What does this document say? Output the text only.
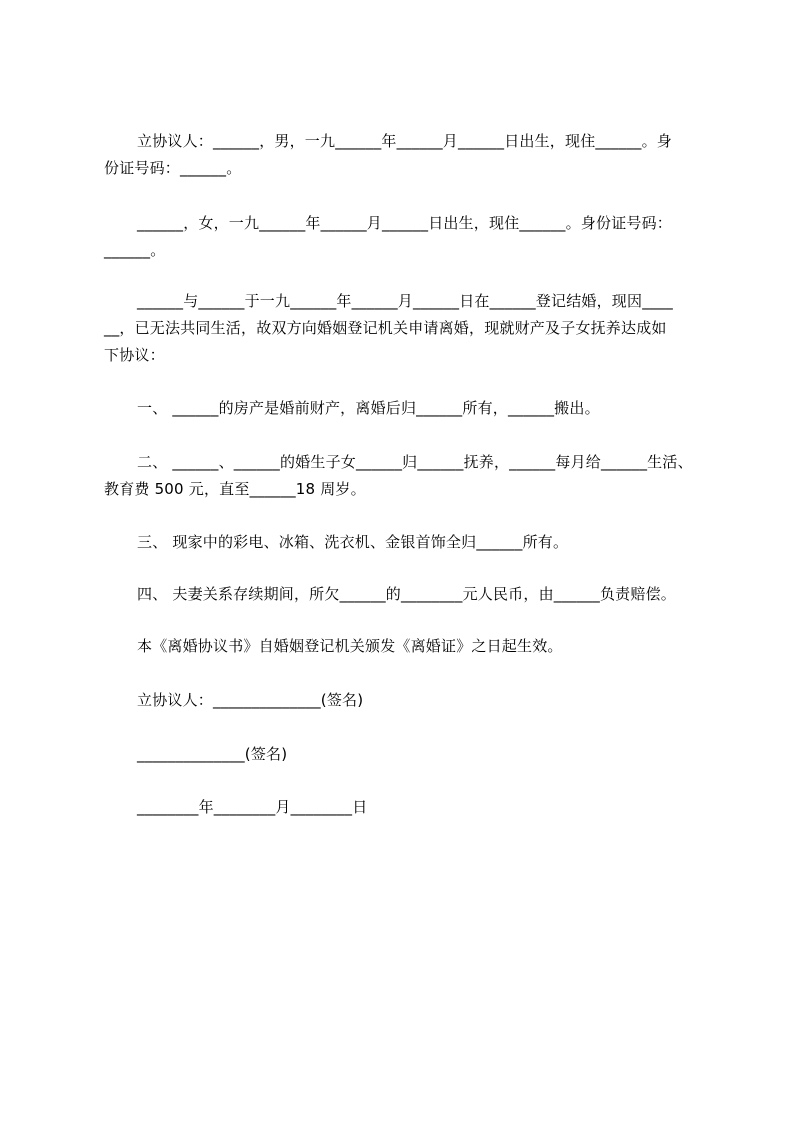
立协议人：______，男，一九______年______月______日出生，现住______。身
份证号码：______。
______，女，一九______年______月______日出生，现住______。身份证号码：
______。
______与______于一九______年______月______日在______登记结婚，现因____
__，已无法共同生活，故双方向婚姻登记机关申请离婚，现就财产及子女抚养达成如
下协议：
一、 ______的房产是婚前财产，离婚后归______所有，______搬出。
二、 ______、______的婚生子女______归______抚养，______每月给______生活、
教育费 500 元，直至______18 周岁。
三、 现家中的彩电、冰箱、洗衣机、金银首饰全归______所有。
四、 夫妻关系存续期间，所欠______的________元人民币，由______负责赔偿。
本《离婚协议书》自婚姻登记机关颁发《离婚证》之日起生效。
立协议人：______________(签名)
______________(签名)
________年________月________日
